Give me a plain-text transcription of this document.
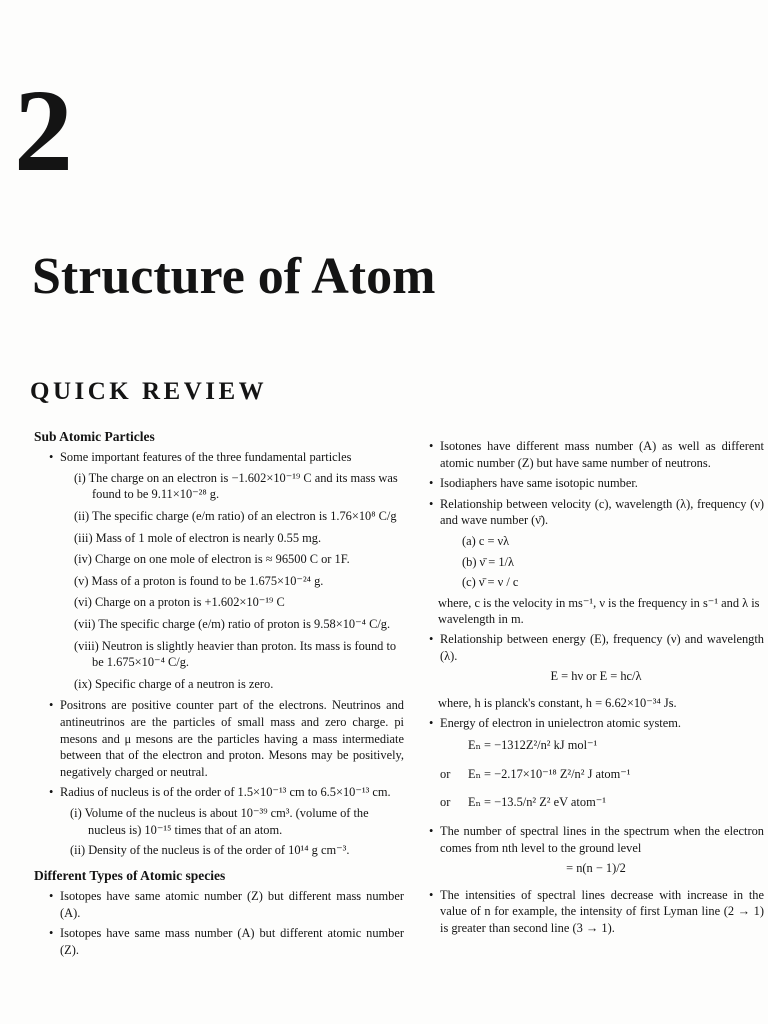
2
Structure of Atom
QUICK REVIEW
Sub Atomic Particles
• Some important features of the three fundamental particles
(i) The charge on an electron is −1.602×10⁻¹⁹ C and its mass was found to be 9.11×10⁻²⁸ g.
(ii) The specific charge (e/m ratio) of an electron is 1.76×10⁸ C/g
(iii) Mass of 1 mole of electron is nearly 0.55 mg.
(iv) Charge on one mole of electron is ≈ 96500 C or 1F.
(v) Mass of a proton is found to be 1.675×10⁻²⁴ g.
(vi) Charge on a proton is +1.602×10⁻¹⁹ C
(vii) The specific charge (e/m) ratio of proton is 9.58×10⁻⁴ C/g.
(viii) Neutron is slightly heavier than proton. Its mass is found to be 1.675×10⁻⁴ C/g.
(ix) Specific charge of a neutron is zero.
• Positrons are positive counter part of the electrons. Neutrinos and antineutrinos are the particles of small mass and zero charge. pi mesons and μ mesons are the particles having a mass intermediate between that of the electron and proton. Mesons may be positively, negatively charged or neutral.
• Radius of nucleus is of the order of 1.5×10⁻¹³ cm to 6.5×10⁻¹³ cm.
(i) Volume of the nucleus is about 10⁻³⁹ cm³. (volume of the nucleus is) 10⁻¹⁵ times that of an atom.
(ii) Density of the nucleus is of the order of 10¹⁴ g cm⁻³.
Different Types of Atomic species
• Isotopes have same atomic number (Z) but different mass number (A).
• Isotopes have same mass number (A) but different atomic number (Z).
• Isotones have different mass number (A) as well as different atomic number (Z) but have same number of neutrons.
• Isodiaphers have same isotopic number.
• Relationship between velocity (c), wavelength (λ), frequency (ν) and wave number (ν̄).
(a) c = νλ
(b) ν̄ = 1/λ
(c) ν̄ = ν / c
where, c is the velocity in ms⁻¹, ν is the frequency in s⁻¹ and λ is wavelength in m.
• Relationship between energy (E), frequency (ν) and wavelength (λ).
E = hν or E = hc/λ
where, h is planck's constant, h = 6.62×10⁻³⁴ Js.
• Energy of electron in unielectron atomic system.
Eₙ = −1312Z²/n² kJ mol⁻¹
or Eₙ = −2.17×10⁻¹⁸ Z²/n² J atom⁻¹
or Eₙ = −13.5/n² Z² eV atom⁻¹
• The number of spectral lines in the spectrum when the electron comes from nth level to the ground level
= n(n − 1)/2
• The intensities of spectral lines decrease with increase in the value of n for example, the intensity of first Lyman line (2 → 1) is greater than second line (3 → 1).
